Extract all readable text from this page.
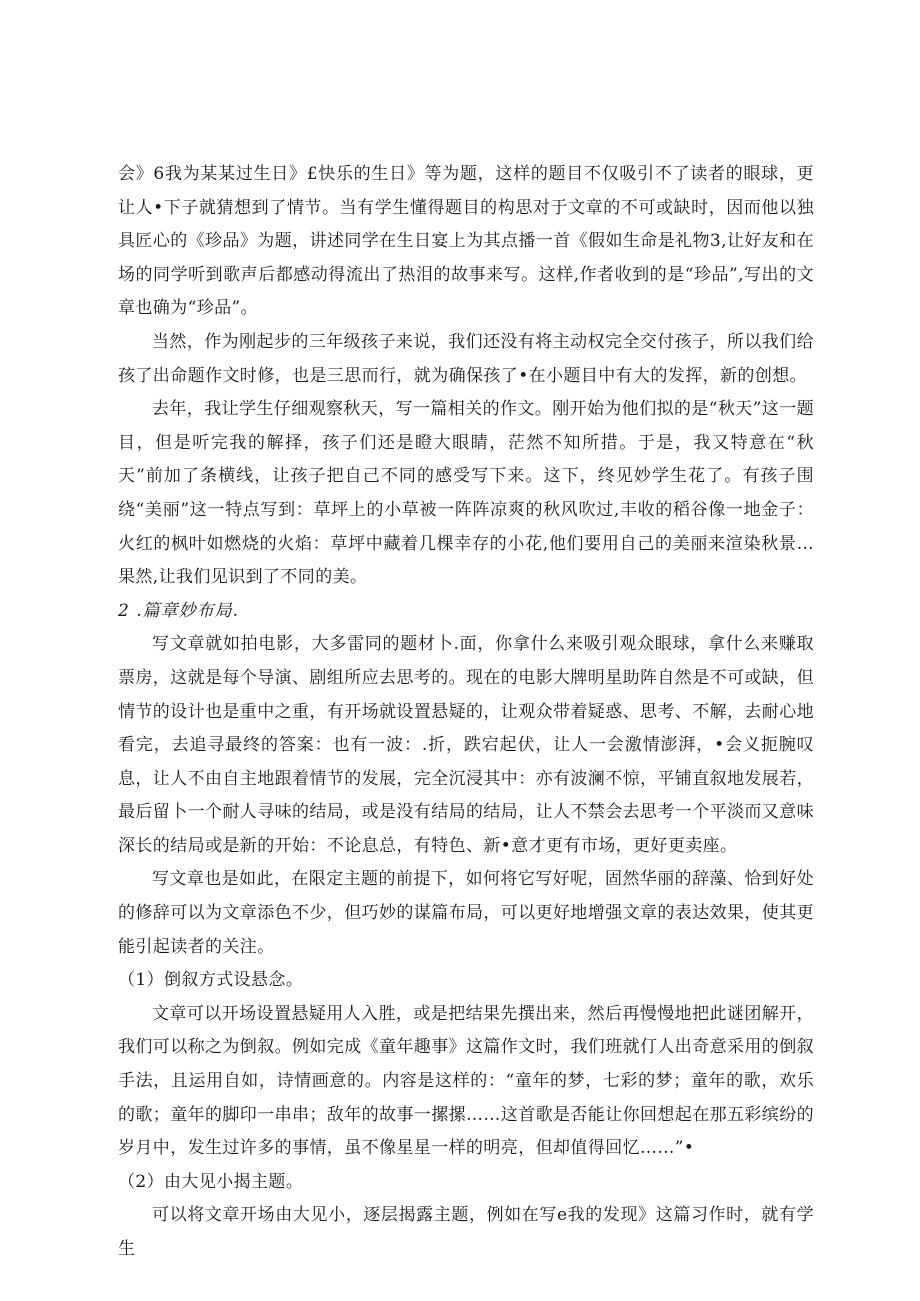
会》6我为某某过生日》£快乐的生日》等为题，这样的题目不仅吸引不了读者的眼球，更让人•下子就猜想到了情节。当有学生懂得题目的构思对于文章的不可或缺时，因而他以独具匠心的《珍品》为题，讲述同学在生日宴上为其点播一首《假如生命是礼物3,让好友和在场的同学听到歌声后都感动得流出了热泪的故事来写。这样,作者收到的是“珍品”,写出的文章也确为“珍品”。

当然，作为刚起步的三年级孩子来说，我们还没有将主动权完全交付孩子，所以我们给孩了出命题作文时修，也是三思而行，就为确保孩了•在小题目中有大的发挥，新的创想。

去年，我让学生仔细观察秋天，写一篇相关的作文。刚开始为他们拟的是“秋天”这一题目，但是听完我的解择，孩子们还是瞪大眼睛，茫然不知所措。于是，我又特意在“秋天”前加了条横线，让孩子把自己不同的感受写下来。这下，终见妙学生花了。有孩子围绕“美丽”这一特点写到：草坪上的小草被一阵阵凉爽的秋风吹过,丰收的稻谷像一地金子：火红的枫叶如燃烧的火焰：草坪中藏着几棵幸存的小花,他们要用自己的美丽来渲染秋景…果然,让我们见识到了不同的美。

2 .篇章妙布局.

写文章就如拍电影，大多雷同的题材卜.面，你拿什么来吸引观众眼球，拿什么来赚取票房，这就是每个导演、剧组所应去思考的。现在的电影大牌明星助阵自然是不可或缺，但情节的设计也是重中之重，有开场就设置悬疑的，让观众带着疑惑、思考、不解，去耐心地看完，去追寻最终的答案：也有一波：.折，跌宕起伏，让人一会激情澎湃，•会义扼腕叹息，让人不由自主地跟着情节的发展，完全沉浸其中：亦有波澜不惊，平铺直叙地发展若，最后留卜一个耐人寻味的结局，或是没有结局的结局，让人不禁会去思考一个平淡而又意味深长的结局或是新的开始：不论息总，有特色、新•意才更有市场，更好更卖座。

写文章也是如此，在限定主题的前提下，如何将它写好呢，固然华丽的辞藻、恰到好处的修辞可以为文章添色不少，但巧妙的谋篇布局，可以更好地增强文章的表达效果，使其更能引起读者的关注。

（1）倒叙方式设悬念。

文章可以开场设置悬疑用人入胜，或是把结果先撰出来，然后再慢慢地把此谜团解开，我们可以称之为倒叙。例如完成《童年趣事》这篇作文时，我们班就仃人出奇意采用的倒叙手法，且运用自如，诗情画意的。内容是这样的：“童年的梦，七彩的梦；童年的歌，欢乐的歌；童年的脚印一串串；敌年的故事一摞摞……这首歌是否能让你回想起在那五彩缤纷的岁月中，发生过许多的事情，虽不像星星一样的明亮，但却值得回忆……”•

（2）由大见小揭主题。

可以将文章开场由大见小，逐层揭露主题，例如在写e我的发现》这篇习作时，就有学生
